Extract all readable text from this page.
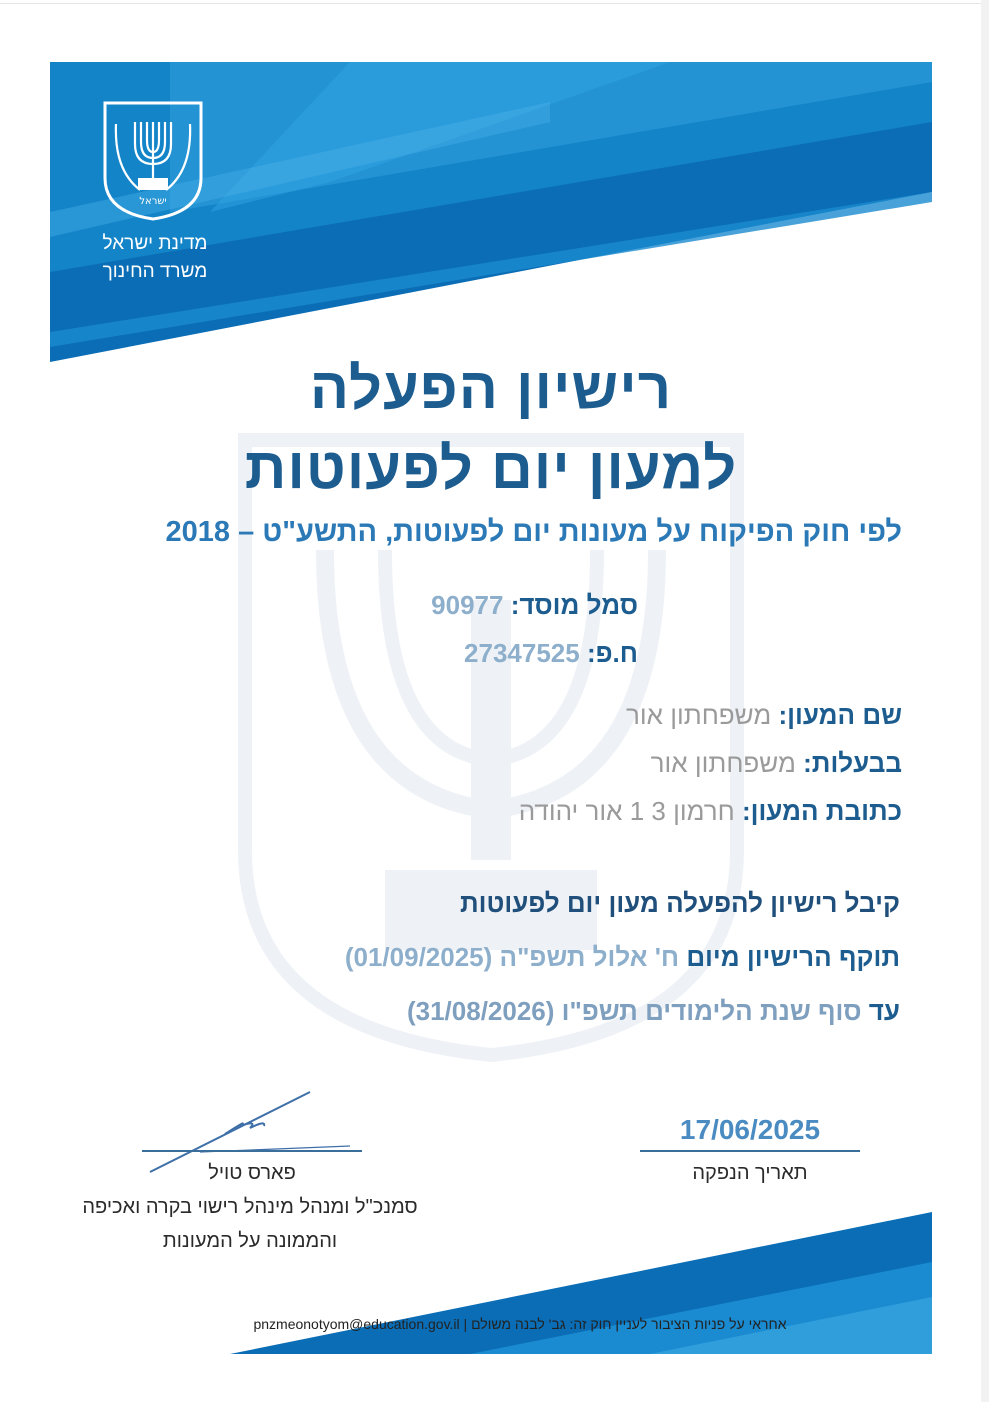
ישראל
מדינת ישראל
משרד החינוך
רישיון הפעלה
למעון יום לפעוטות
לפי חוק הפיקוח על מעונות יום לפעוטות, התשע"ט – 2018
סמל מוסד: 90977
ח.פ: 27347525
שם המעון: משפחתון אור
בבעלות: משפחתון אור
כתובת המעון: חרמון 3 1 אור יהודה
קיבל רישיון להפעלה מעון יום לפעוטות
תוקף הרישיון מיום ח' אלול תשפ"ה (01/09/2025)
עד סוף שנת הלימודים תשפ"ו (31/08/2026)
פארס טויל
סמנכ"ל ומנהל מינהל רישוי בקרה ואכיפה
והממונה על המעונות
17/06/2025
תאריך הנפקה
אחראי על פניות הציבור לעניין חוק זה: גב' לבנה משולם | pnzmeonotyom@education.gov.il
